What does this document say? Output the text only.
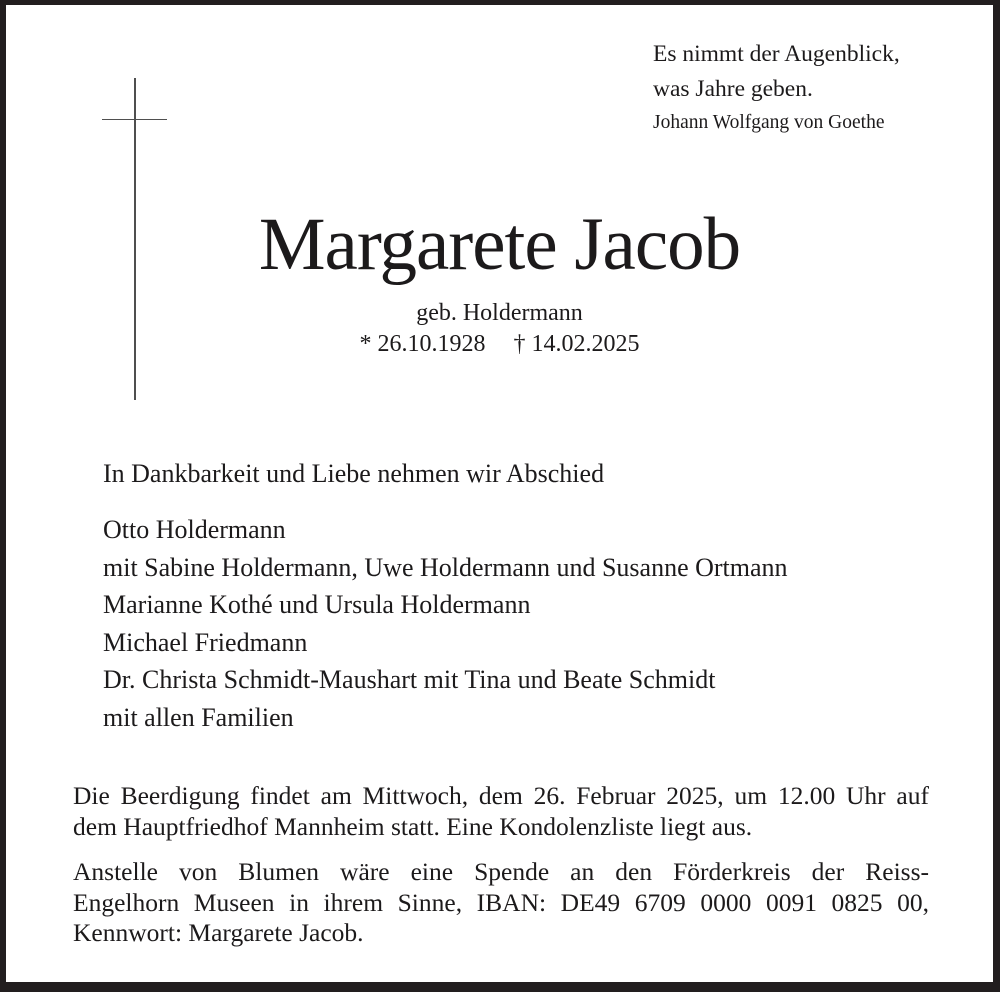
Es nimmt der Augenblick,
was Jahre geben.
Johann Wolfgang von Goethe
Margarete Jacob
geb. Holdermann
* 26.10.1928 † 14.02.2025
In Dankbarkeit und Liebe nehmen wir Abschied
Otto Holdermann
mit Sabine Holdermann, Uwe Holdermann und Susanne Ortmann
Marianne Kothé und Ursula Holdermann
Michael Friedmann
Dr. Christa Schmidt-Maushart mit Tina und Beate Schmidt
mit allen Familien
Die Beerdigung findet am Mittwoch, dem 26. Februar 2025, um 12.00 Uhr auf
dem Hauptfriedhof Mannheim statt. Eine Kondolenzliste liegt aus.
Anstelle von Blumen wäre eine Spende an den Förderkreis der Reiss-
Engelhorn Museen in ihrem Sinne, IBAN: DE49 6709 0000 0091 0825 00,
Kennwort: Margarete Jacob.
